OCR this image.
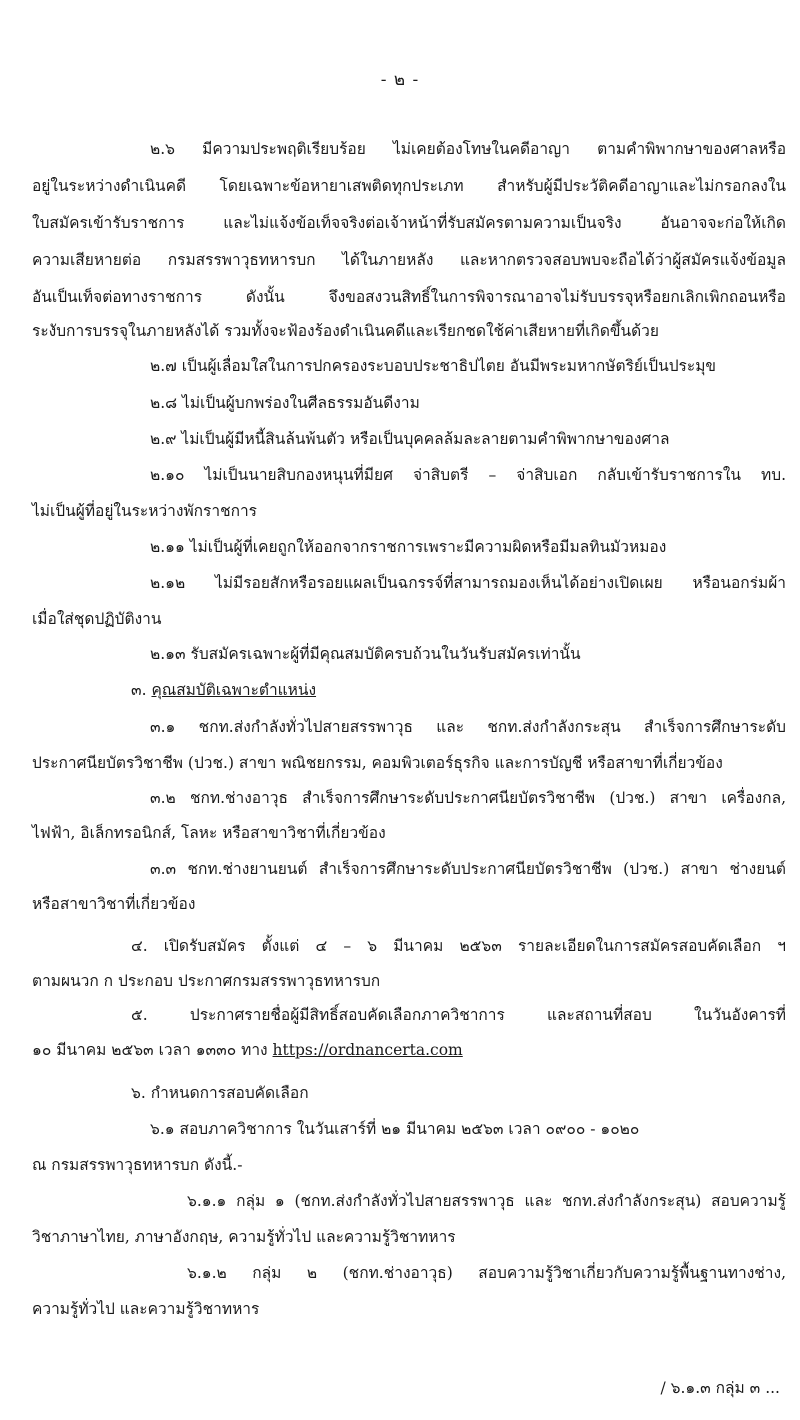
- ๒ -
๒.๖ มีความประพฤติเรียบร้อย ไม่เคยต้องโทษในคดีอาญา ตามคำพิพากษาของศาลหรือ
อยู่ในระหว่างดำเนินคดี โดยเฉพาะข้อหายาเสพติดทุกประเภท สำหรับผู้มีประวัติคดีอาญาและไม่กรอกลงใน
ใบสมัครเข้ารับราชการ และไม่แจ้งข้อเท็จจริงต่อเจ้าหน้าที่รับสมัครตามความเป็นจริง อันอาจจะก่อให้เกิด
ความเสียหายต่อ กรมสรรพาวุธทหารบก ได้ในภายหลัง และหากตรวจสอบพบจะถือได้ว่าผู้สมัครแจ้งข้อมูล
อันเป็นเท็จต่อทางราชการ ดังนั้น จึงขอสงวนสิทธิ์ในการพิจารณาอาจไม่รับบรรจุหรือยกเลิกเพิกถอนหรือ
ระงับการบรรจุในภายหลังได้ รวมทั้งจะฟ้องร้องดำเนินคดีและเรียกชดใช้ค่าเสียหายที่เกิดขึ้นด้วย
๒.๗ เป็นผู้เลื่อมใสในการปกครองระบอบประชาธิปไตย อันมีพระมหากษัตริย์เป็นประมุข
๒.๘ ไม่เป็นผู้บกพร่องในศีลธรรมอันดีงาม
๒.๙ ไม่เป็นผู้มีหนี้สินล้นพ้นตัว หรือเป็นบุคคลล้มละลายตามคำพิพากษาของศาล
๒.๑๐ ไม่เป็นนายสิบกองหนุนที่มียศ จ่าสิบตรี – จ่าสิบเอก กลับเข้ารับราชการใน ทบ.
ไม่เป็นผู้ที่อยู่ในระหว่างพักราชการ
๒.๑๑ ไม่เป็นผู้ที่เคยถูกให้ออกจากราชการเพราะมีความผิดหรือมีมลทินมัวหมอง
๒.๑๒ ไม่มีรอยสักหรือรอยแผลเป็นฉกรรจ์ที่สามารถมองเห็นได้อย่างเปิดเผย หรือนอกร่มผ้า
เมื่อใส่ชุดปฏิบัติงาน
๒.๑๓ รับสมัครเฉพาะผู้ที่มีคุณสมบัติครบถ้วนในวันรับสมัครเท่านั้น
๓. คุณสมบัติเฉพาะตำแหน่ง
๓.๑ ชกท.ส่งกำลังทั่วไปสายสรรพาวุธ และ ชกท.ส่งกำลังกระสุน สำเร็จการศึกษาระดับ
ประกาศนียบัตรวิชาชีพ (ปวช.) สาขา พณิชยกรรม, คอมพิวเตอร์ธุรกิจ และการบัญชี หรือสาขาที่เกี่ยวข้อง
๓.๒ ชกท.ช่างอาวุธ สำเร็จการศึกษาระดับประกาศนียบัตรวิชาชีพ (ปวช.) สาขา เครื่องกล,
ไฟฟ้า, อิเล็กทรอนิกส์, โลหะ หรือสาขาวิชาที่เกี่ยวข้อง
๓.๓ ชกท.ช่างยานยนต์ สำเร็จการศึกษาระดับประกาศนียบัตรวิชาชีพ (ปวช.) สาขา ช่างยนต์
หรือสาขาวิชาที่เกี่ยวข้อง
๔. เปิดรับสมัคร ตั้งแต่ ๔ – ๖ มีนาคม ๒๕๖๓ รายละเอียดในการสมัครสอบคัดเลือก ฯ
ตามผนวก ก ประกอบ ประกาศกรมสรรพาวุธทหารบก
๕. ประกาศรายชื่อผู้มีสิทธิ์สอบคัดเลือกภาควิชาการ และสถานที่สอบ ในวันอังคารที่
๑๐ มีนาคม ๒๕๖๓ เวลา ๑๓๓๐ ทาง https://ordnancerta.com
๖. กำหนดการสอบคัดเลือก
๖.๑ สอบภาควิชาการ ในวันเสาร์ที่ ๒๑ มีนาคม ๒๕๖๓ เวลา ๐๙๐๐ - ๑๐๒๐
ณ กรมสรรพาวุธทหารบก ดังนี้.-
๖.๑.๑ กลุ่ม ๑ (ชกท.ส่งกำลังทั่วไปสายสรรพาวุธ และ ชกท.ส่งกำลังกระสุน) สอบความรู้
วิชาภาษาไทย, ภาษาอังกฤษ, ความรู้ทั่วไป และความรู้วิชาทหาร
๖.๑.๒ กลุ่ม ๒ (ชกท.ช่างอาวุธ) สอบความรู้วิชาเกี่ยวกับความรู้พื้นฐานทางช่าง,
ความรู้ทั่วไป และความรู้วิชาทหาร
/ ๖.๑.๓ กลุ่ม ๓ ...
